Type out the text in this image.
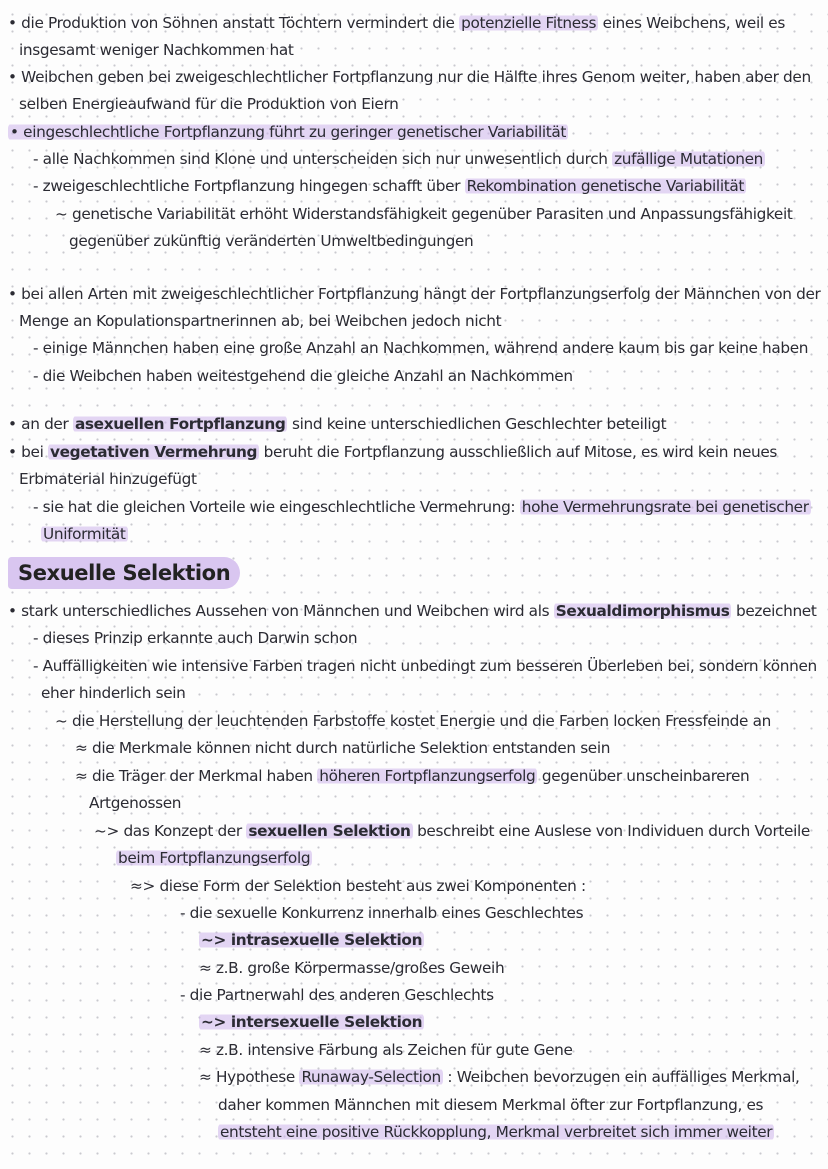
Sexuelle Selektion
• die Produktion von Söhnen anstatt Töchtern vermindert die potenzielle Fitness eines Weibchens, weil es
insgesamt weniger Nachkommen hat
• Weibchen geben bei zweigeschlechtlicher Fortpflanzung nur die Hälfte ihres Genom weiter, haben aber den
selben Energieaufwand für die Produktion von Eiern
• eingeschlechtliche Fortpflanzung führt zu geringer genetischer Variabilität
- alle Nachkommen sind Klone und unterscheiden sich nur unwesentlich durch zufällige Mutationen
- zweigeschlechtliche Fortpflanzung hingegen schafft über Rekombination genetische Variabilität
~ genetische Variabilität erhöht Widerstandsfähigkeit gegenüber Parasiten und Anpassungsfähigkeit
gegenüber zukünftig veränderten Umweltbedingungen
• bei allen Arten mit zweigeschlechtlicher Fortpflanzung hängt der Fortpflanzungserfolg der Männchen von der
Menge an Kopulationspartnerinnen ab, bei Weibchen jedoch nicht
- einige Männchen haben eine große Anzahl an Nachkommen, während andere kaum bis gar keine haben
- die Weibchen haben weitestgehend die gleiche Anzahl an Nachkommen
• an der asexuellen Fortpflanzung sind keine unterschiedlichen Geschlechter beteiligt
• bei vegetativen Vermehrung beruht die Fortpflanzung ausschließlich auf Mitose, es wird kein neues
Erbmaterial hinzugefügt
- sie hat die gleichen Vorteile wie eingeschlechtliche Vermehrung: hohe Vermehrungsrate bei genetischer
Uniformität
• stark unterschiedliches Aussehen von Männchen und Weibchen wird als Sexualdimorphismus bezeichnet
- dieses Prinzip erkannte auch Darwin schon
- Auffälligkeiten wie intensive Farben tragen nicht unbedingt zum besseren Überleben bei, sondern können
eher hinderlich sein
~ die Herstellung der leuchtenden Farbstoffe kostet Energie und die Farben locken Fressfeinde an
≈ die Merkmale können nicht durch natürliche Selektion entstanden sein
≈ die Träger der Merkmal haben höheren Fortpflanzungserfolg gegenüber unscheinbareren
Artgenossen
~> das Konzept der sexuellen Selektion beschreibt eine Auslese von Individuen durch Vorteile
beim Fortpflanzungserfolg
≈> diese Form der Selektion besteht aus zwei Komponenten :
- die sexuelle Konkurrenz innerhalb eines Geschlechtes
~> intrasexuelle Selektion
≈ z.B. große Körpermasse/großes Geweih
- die Partnerwahl des anderen Geschlechts
~> intersexuelle Selektion
≈ z.B. intensive Färbung als Zeichen für gute Gene
≈ Hypothese Runaway-Selection : Weibchen bevorzugen ein auffälliges Merkmal,
daher kommen Männchen mit diesem Merkmal öfter zur Fortpflanzung, es
entsteht eine positive Rückkopplung, Merkmal verbreitet sich immer weiter
